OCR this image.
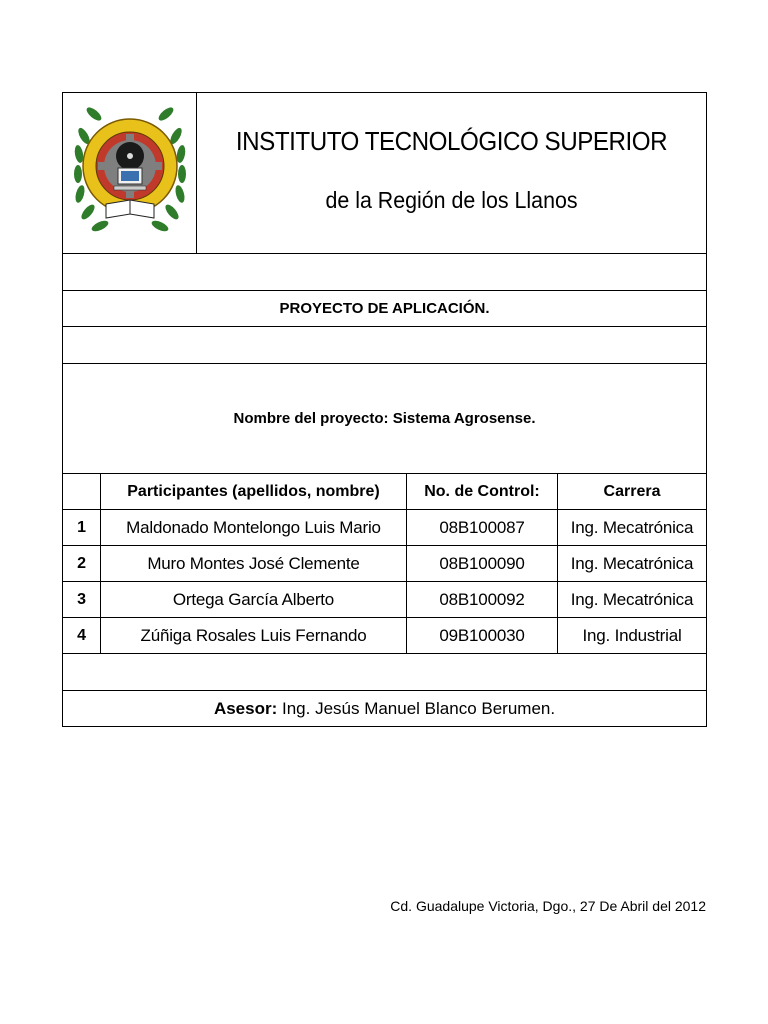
INSTITUTO TECNOLÓGICO SUPERIOR
de la Región de los Llanos		

PROYECTO DE APLICACIÓN.				

Nombre del proyecto: Sistema Agrosense.				
	Participantes (apellidos, nombre)		No. de Control:	Carrera
1	Maldonado Montelongo Luis Mario		08B100087	Ing. Mecatrónica
2	Muro Montes José Clemente		08B100090	Ing. Mecatrónica
3	Ortega García Alberto		08B100092	Ing. Mecatrónica
4	Zúñiga Rosales Luis Fernando		09B100030	Ing. Industrial

Asesor: Ing. Jesús Manuel Blanco Berumen.				
Cd. Guadalupe Victoria, Dgo., 27 De Abril del 2012
